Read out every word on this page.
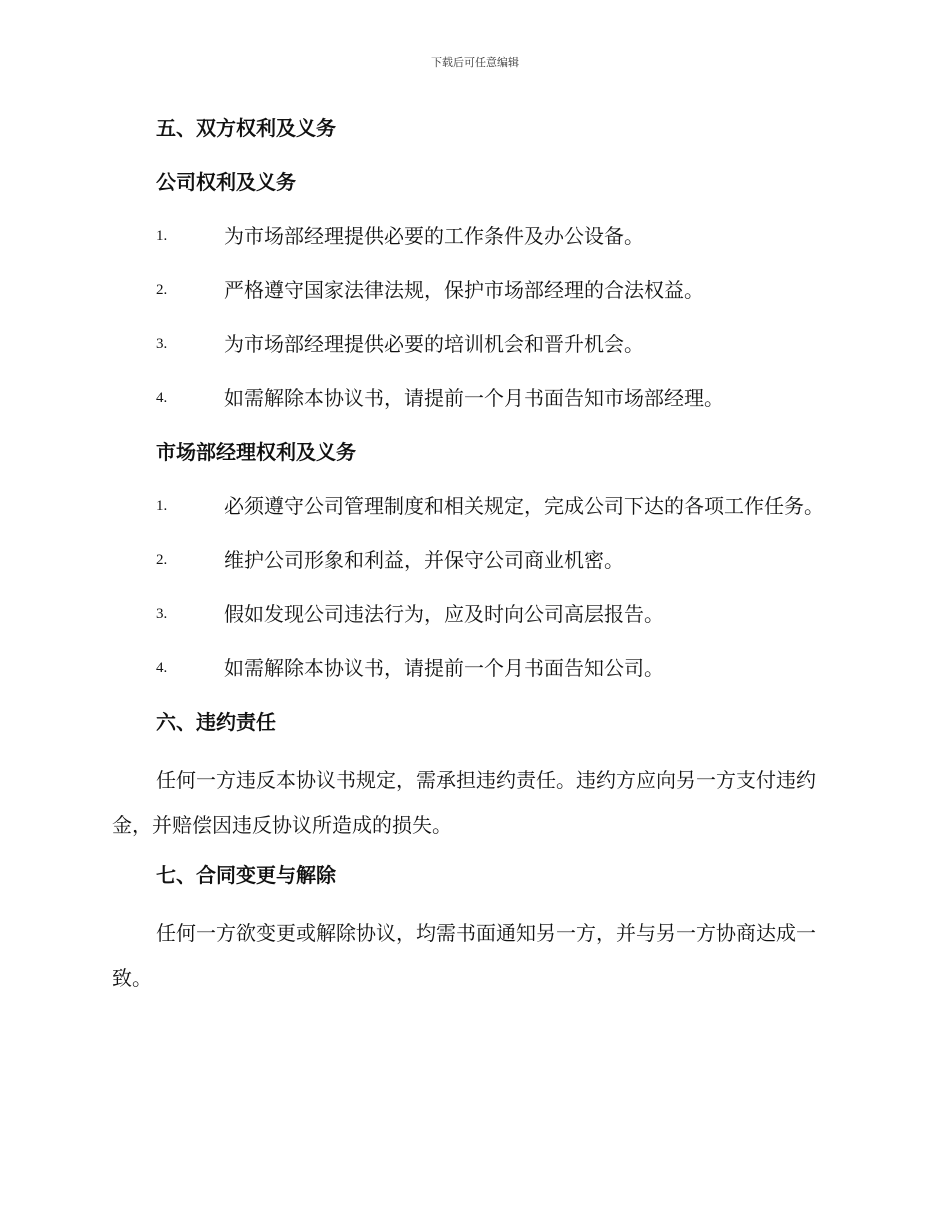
下载后可任意编辑
五、双方权利及义务
公司权利及义务
1.	为市场部经理提供必要的工作条件及办公设备。
2.	严格遵守国家法律法规，保护市场部经理的合法权益。
3.	为市场部经理提供必要的培训机会和晋升机会。
4.	如需解除本协议书，请提前一个月书面告知市场部经理。
市场部经理权利及义务
1.	必须遵守公司管理制度和相关规定，完成公司下达的各项工作任务。
2.	维护公司形象和利益，并保守公司商业机密。
3.	假如发现公司违法行为，应及时向公司高层报告。
4.	如需解除本协议书，请提前一个月书面告知公司。
六、违约责任
任何一方违反本协议书规定，需承担违约责任。违约方应向另一方支付违约金，并赔偿因违反协议所造成的损失。
七、合同变更与解除
任何一方欲变更或解除协议，均需书面通知另一方，并与另一方协商达成一致。
